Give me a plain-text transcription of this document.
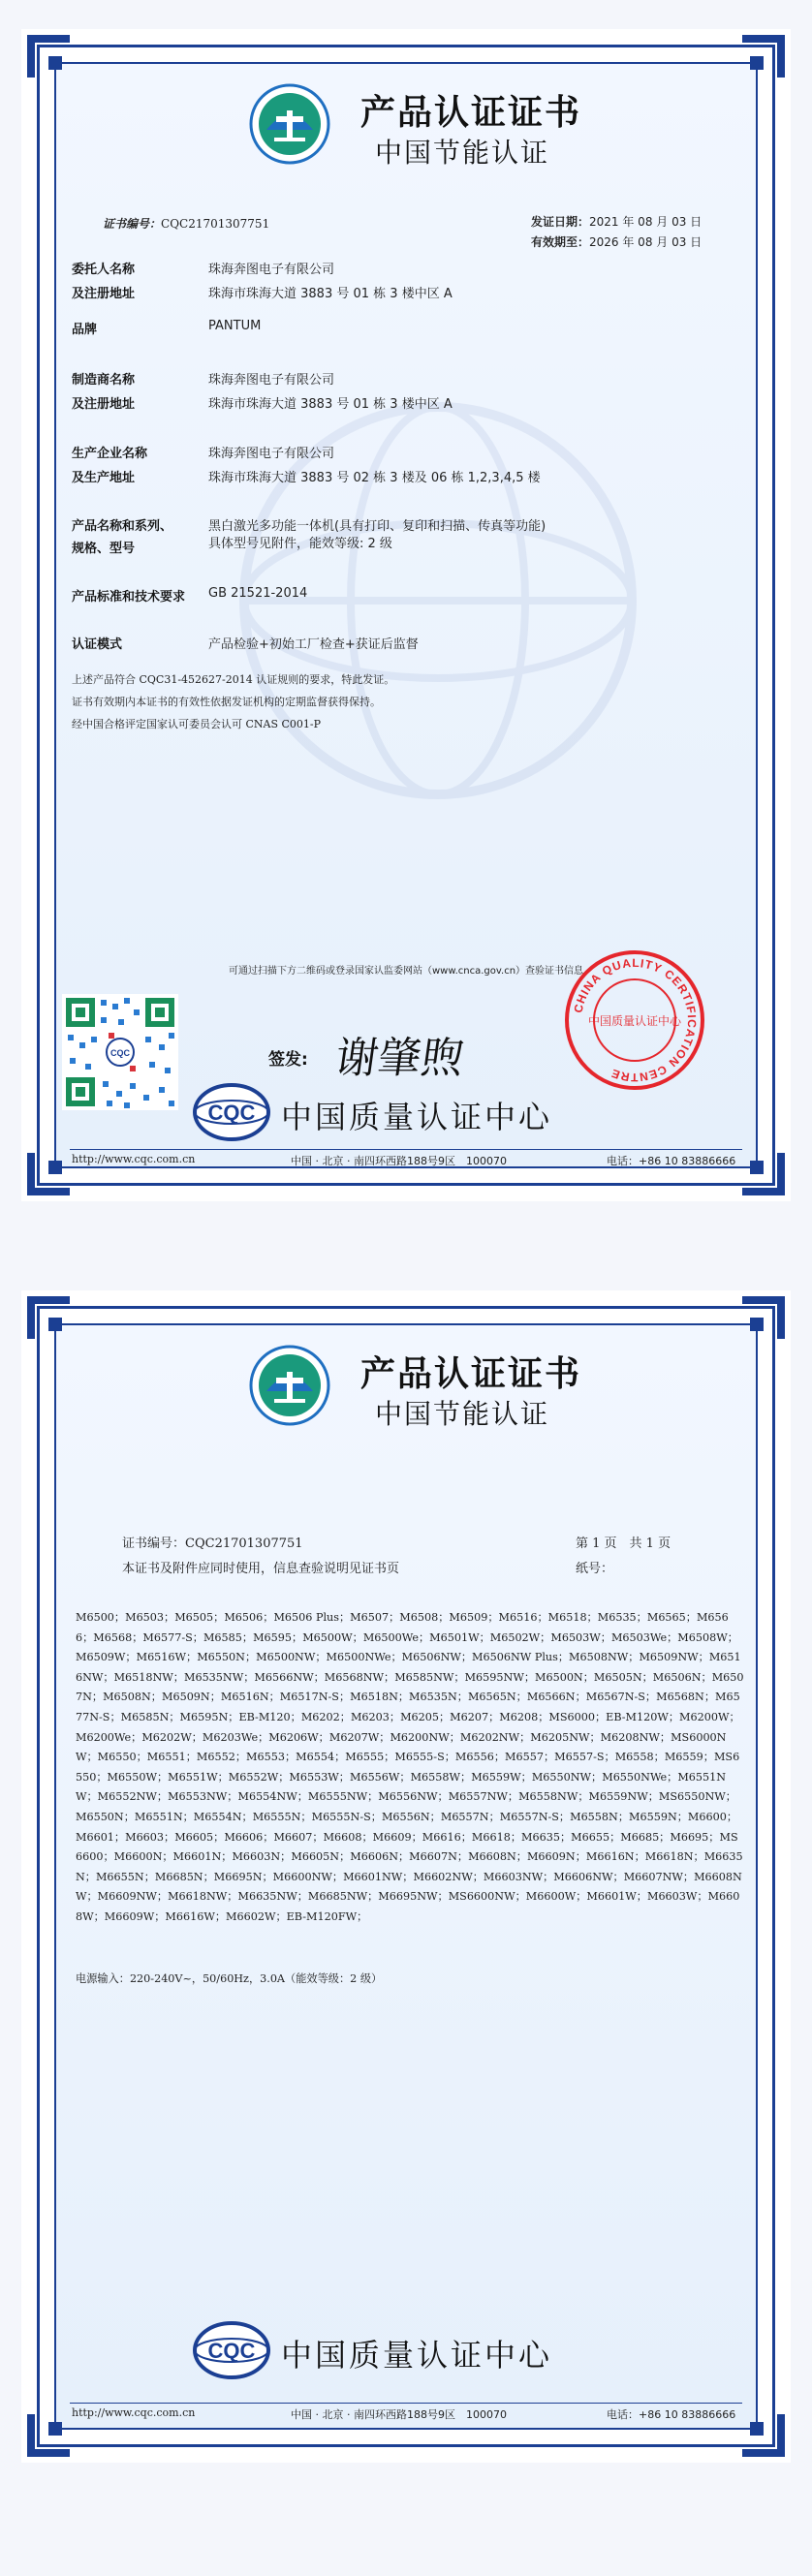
产品认证证书
中国节能认证
证书编号：CQC21701307751	发证日期：2021 年 08 月 03 日
有效期至：2026 年 08 月 03 日
委托人名称	珠海奔图电子有限公司
及注册地址	珠海市珠海大道 3883 号 01 栋 3 楼中区 A
品牌	PANTUM
制造商名称	珠海奔图电子有限公司
及注册地址	珠海市珠海大道 3883 号 01 栋 3 楼中区 A
生产企业名称	珠海奔图电子有限公司
及生产地址	珠海市珠海大道 3883 号 02 栋 3 楼及 06 栋 1,2,3,4,5 楼
产品名称和系列、	黑白激光多功能一体机(具有打印、复印和扫描、传真等功能)
规格、型号	具体型号见附件，能效等级: 2 级
产品标准和技术要求 GB 21521-2014
认证模式	产品检验+初始工厂检查+获证后监督
上述产品符合 CQC31-452627-2014 认证规则的要求，特此发证。
证书有效期内本证书的有效性依据发证机构的定期监督获得保持。
经中国合格评定国家认可委员会认可 CNAS C001-P
可通过扫描下方二维码或登录国家认监委网站（www.cnca.gov.cn）查验证书信息
CQC	签发: 谢肇煦
CQC 中国质量认证中心
CHINA QUALITY CERTIFICATION CENTRE
中国质量认证中心
http://www.cqc.com.cn	中国 · 北京 · 南四环西路188号9区　100070	电话：+86 10 83886666
产品认证证书
中国节能认证
证书编号：CQC21701307751	第 1 页　共 1 页
本证书及附件应同时使用，信息查验说明见证书页	纸号：
M6500；M6503；M6505；M6506；M6506 Plus；M6507；M6508；M6509；M6516；M6518；M6535；M6565；M6566；M6568；M6577-S；M6585；M6595；M6500W；M6500We；M6501W；M6502W；M6503W；M6503We；M6508W；M6509W；M6516W；M6550N；M6500NW；M6500NWe；M6506NW；M6506NW Plus；M6508NW；M6509NW；M6516NW；M6518NW；M6535NW；M6566NW；M6568NW；M6585NW；M6595NW；M6500N；M6505N；M6506N；M6507N；M6508N；M6509N；M6516N；M6517N-S；M6518N；M6535N；M6565N；M6566N；M6567N-S；M6568N；M6577N-S；M6585N；M6595N；EB-M120；M6202；M6203；M6205；M6207；M6208；MS6000；EB-M120W；M6200W；M6200We；M6202W；M6203We；M6206W；M6207W；M6200NW；M6202NW；M6205NW；M6208NW；MS6000NW；M6550；M6551；M6552；M6553；M6554；M6555；M6555-S；M6556；M6557；M6557-S；M6558；M6559；MS6550；M6550W；M6551W；M6552W；M6553W；M6556W；M6558W；M6559W；M6550NW；M6550NWe；M6551NW；M6552NW；M6553NW；M6554NW；M6555NW；M6556NW；M6557NW；M6558NW；M6559NW；MS6550NW；M6550N；M6551N；M6554N；M6555N；M6555N-S；M6556N；M6557N；M6557N-S；M6558N；M6559N；M6600；M6601；M6603；M6605；M6606；M6607；M6608；M6609；M6616；M6618；M6635；M6655；M6685；M6695；MS6600；M6600N；M6601N；M6603N；M6605N；M6606N；M6607N；M6608N；M6609N；M6616N；M6618N；M6635N；M6655N；M6685N；M6695N；M6600NW；M6601NW；M6602NW；M6603NW；M6606NW；M6607NW；M6608NW；M6609NW；M6618NW；M6635NW；M6685NW；M6695NW；MS6600NW；M6600W；M6601W；M6603W；M6608W；M6609W；M6616W；M6602W；EB-M120FW；
电源输入：220-240V~，50/60Hz，3.0A（能效等级：2 级）
CQC 中国质量认证中心
http://www.cqc.com.cn	中国 · 北京 · 南四环西路188号9区　100070	电话：+86 10 83886666
